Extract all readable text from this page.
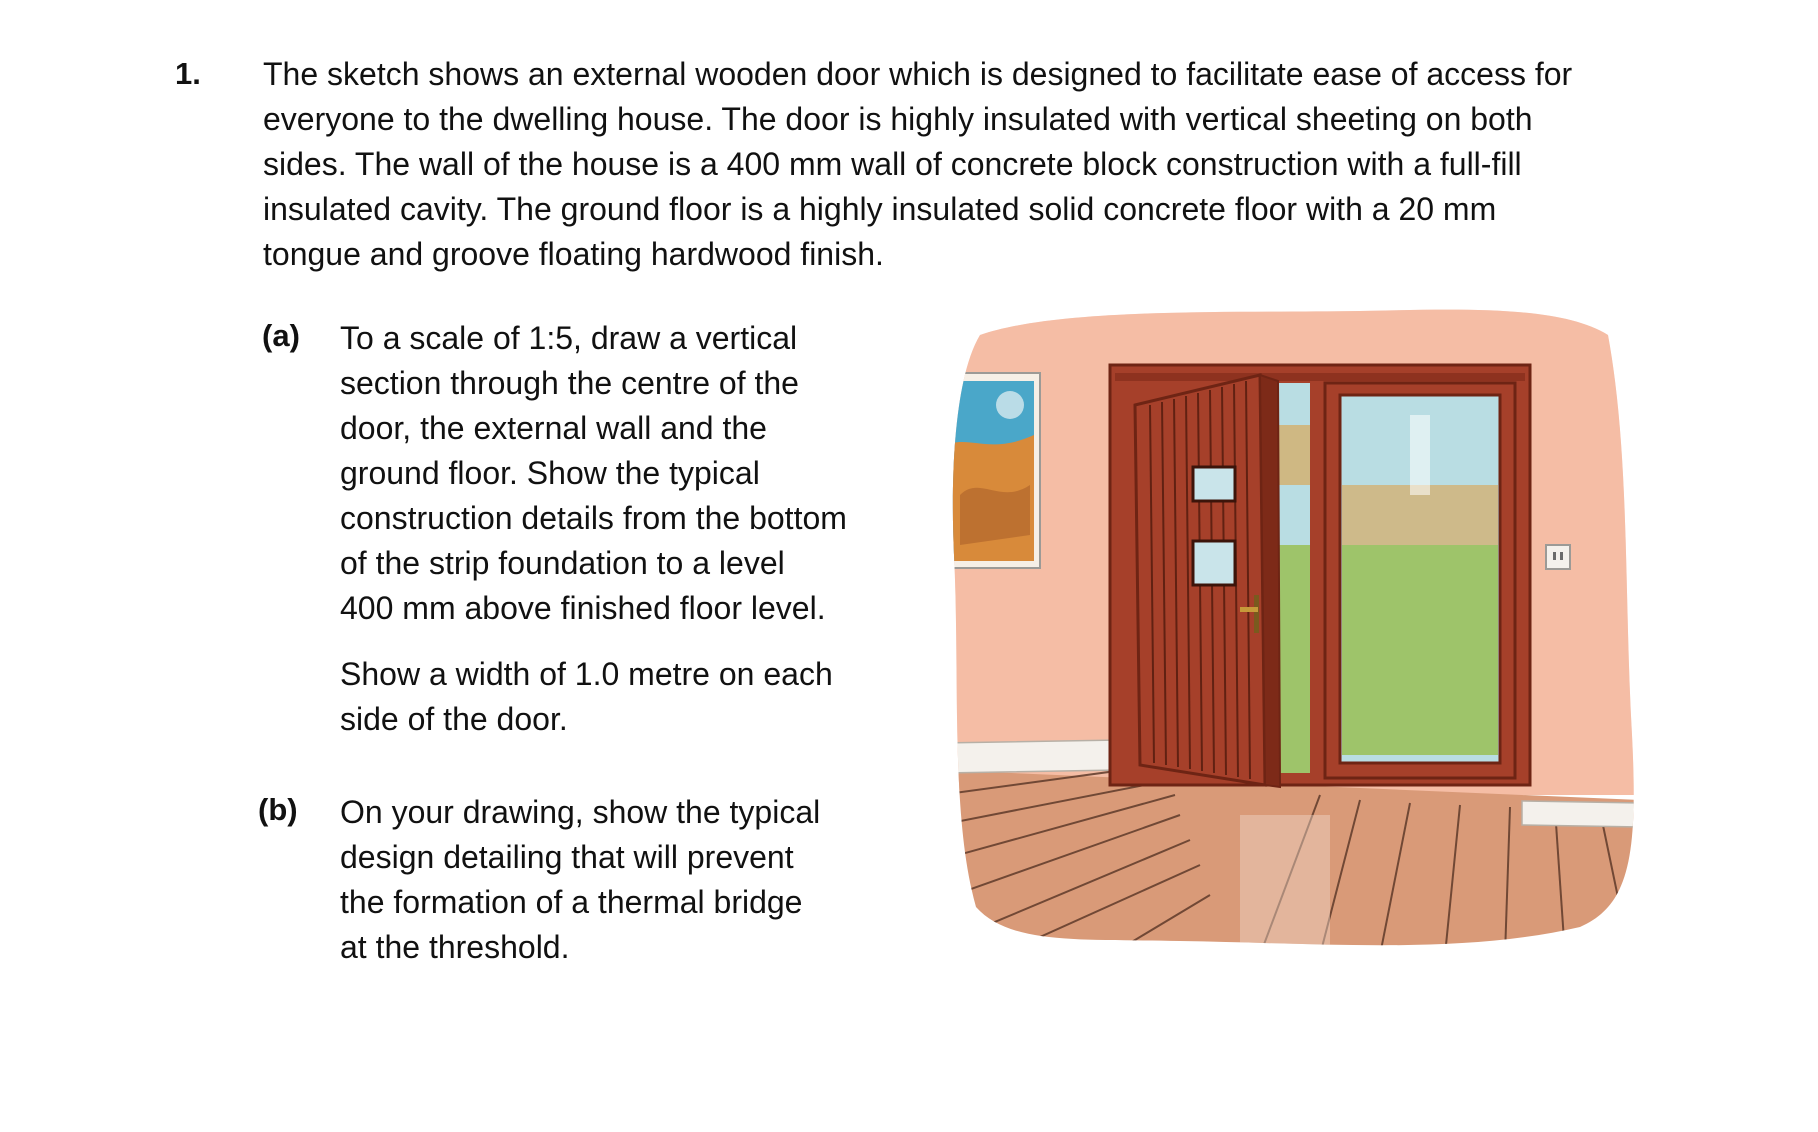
1. The sketch shows an external wooden door which is designed to facilitate ease of access for
everyone to the dwelling house. The door is highly insulated with vertical sheeting on both
sides. The wall of the house is a 400 mm wall of concrete block construction with a full-fill
insulated cavity. The ground floor is a highly insulated solid concrete floor with a 20 mm
tongue and groove floating hardwood finish.

(a) To a scale of 1:5, draw a vertical
section through the centre of the
door, the external wall and the
ground floor. Show the typical
construction details from the bottom
of the strip foundation to a level
400 mm above finished floor level.

Show a width of 1.0 metre on each
side of the door.

(b) On your drawing, show the typical
design detailing that will prevent
the formation of a thermal bridge
at the threshold.
